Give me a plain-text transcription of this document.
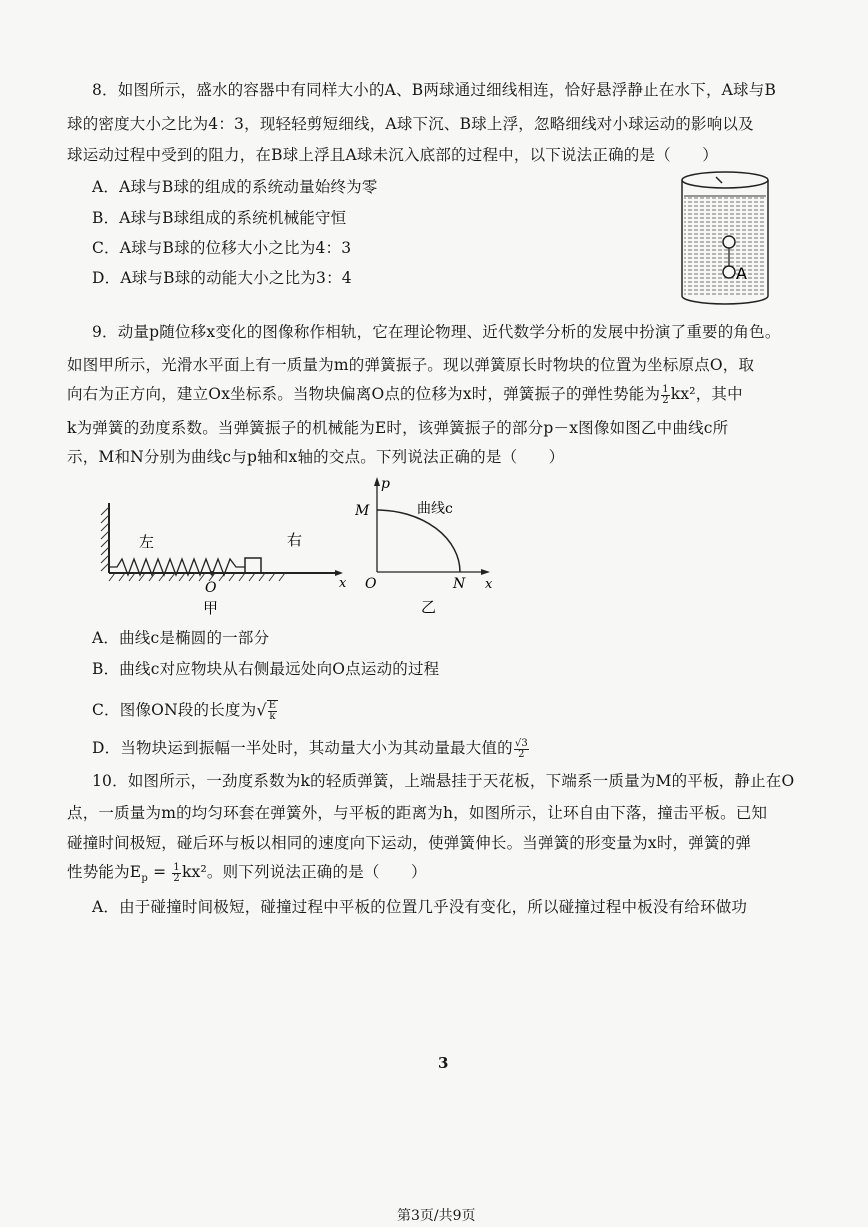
8．如图所示，盛水的容器中有同样大小的A、B两球通过细线相连，恰好悬浮静止在水下，A球与B
球的密度大小之比为4：3，现轻轻剪短细线，A球下沉、B球上浮，忽略细线对小球运动的影响以及
球运动过程中受到的阻力，在B球上浮且A球未沉入底部的过程中，以下说法正确的是（　　）
A．A球与B球的组成的系统动量始终为零
B．A球与B球组成的系统机械能守恒
C．A球与B球的位移大小之比为4：3
D．A球与B球的动能大小之比为3：4	A
9．动量p随位移x变化的图像称作相轨，它在理论物理、近代数学分析的发展中扮演了重要的角色。
如图甲所示，光滑水平面上有一质量为m的弹簧振子。现以弹簧原长时物块的位置为坐标原点O，取
向右为正方向，建立Ox坐标系。当物块偏离O点的位移为x时，弹簧振子的弹性势能为 $\frac{1}{2} kx^2$，其中
k为弹簧的劲度系数。当弹簧振子的机械能为E时，该弹簧振子的部分p－x图像如图乙中曲线c所
示，M和N分别为曲线c与p轴和x轴的交点。下列说法正确的是（　　）
左	右
O	x
甲
p
M	曲线c
O	N x
乙
A．曲线c是椭圆的一部分
B．曲线c对应物块从右侧最远处向O点运动的过程
C．图像ON段的长度为√ $\frac{E}{k}$
D．当物块运到振幅一半处时，其动量大小为其动量最大值的 $\frac{√3}{2}$
10．如图所示，一劲度系数为k的轻质弹簧，上端悬挂于天花板，下端系一质量为M的平板，静止在O
点，一质量为m的均匀环套在弹簧外，与平板的距离为h，如图所示，让环自由下落，撞击平板。已知
碰撞时间极短，碰后环与板以相同的速度向下运动，使弹簧伸长。当弹簧的形变量为x时，弹簧的弹
性势能为$E_p = \frac{1}{2} kx^2$。则下列说法正确的是（　　）
A．由于碰撞时间极短，碰撞过程中平板的位置几乎没有变化，所以碰撞过程中板没有给环做功
3
第3页/共9页
